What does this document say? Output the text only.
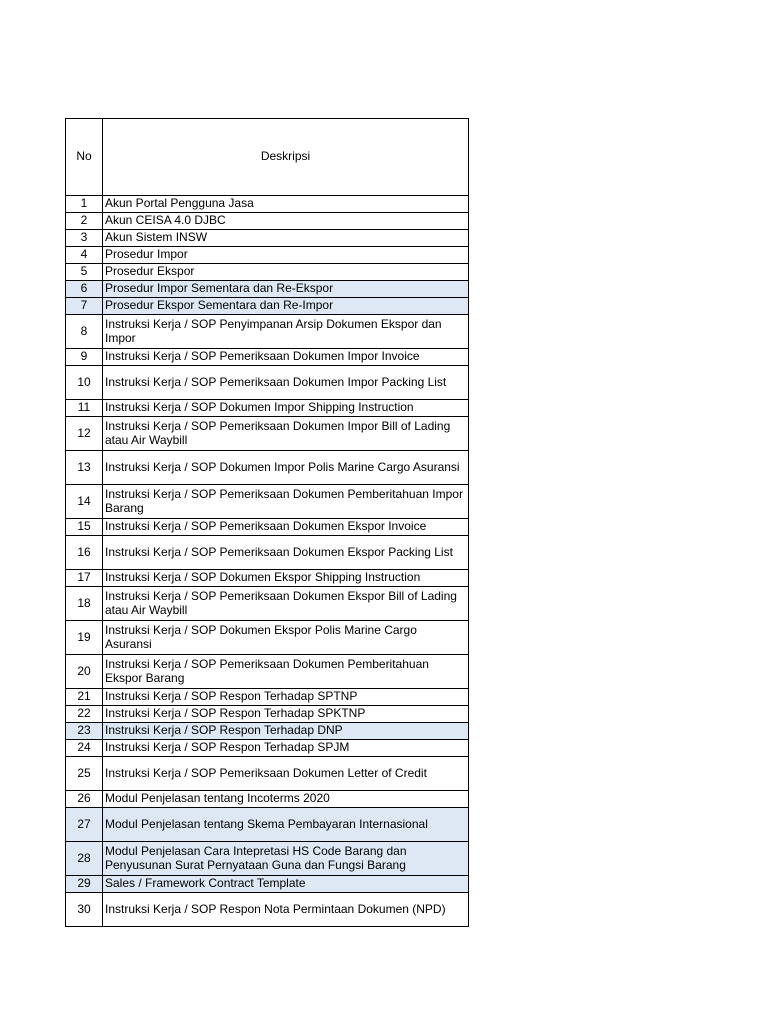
No	Deskripsi
1	Akun Portal Pengguna Jasa
2	Akun CEISA 4.0 DJBC
3	Akun Sistem INSW
4	Prosedur Impor
5	Prosedur Ekspor
6	Prosedur Impor Sementara dan Re-Ekspor
7	Prosedur Ekspor Sementara dan Re-Impor
8	Instruksi Kerja / SOP Penyimpanan Arsip Dokumen Ekspor dan Impor
9	Instruksi Kerja / SOP Pemeriksaan Dokumen Impor Invoice
10	Instruksi Kerja / SOP Pemeriksaan Dokumen Impor Packing List
11	Instruksi Kerja / SOP Dokumen Impor Shipping Instruction
12	Instruksi Kerja / SOP Pemeriksaan Dokumen Impor Bill of Lading atau Air Waybill
13	Instruksi Kerja / SOP Dokumen Impor Polis Marine Cargo Asuransi
14	Instruksi Kerja / SOP Pemeriksaan Dokumen Pemberitahuan Impor Barang
15	Instruksi Kerja / SOP Pemeriksaan Dokumen Ekspor Invoice
16	Instruksi Kerja / SOP Pemeriksaan Dokumen Ekspor Packing List
17	Instruksi Kerja / SOP Dokumen Ekspor Shipping Instruction
18	Instruksi Kerja / SOP Pemeriksaan Dokumen Ekspor Bill of Lading atau Air Waybill
19	Instruksi Kerja / SOP Dokumen Ekspor Polis Marine Cargo Asuransi
20	Instruksi Kerja / SOP Pemeriksaan Dokumen Pemberitahuan Ekspor Barang
21	Instruksi Kerja / SOP Respon Terhadap SPTNP
22	Instruksi Kerja / SOP Respon Terhadap SPKTNP
23	Instruksi Kerja / SOP Respon Terhadap DNP
24	Instruksi Kerja / SOP Respon Terhadap SPJM
25	Instruksi Kerja / SOP Pemeriksaan Dokumen Letter of Credit
26	Modul Penjelasan tentang Incoterms 2020
27	Modul Penjelasan tentang Skema Pembayaran Internasional
28	Modul Penjelasan Cara Intepretasi HS Code Barang dan Penyusunan Surat Pernyataan Guna dan Fungsi Barang
29	Sales / Framework Contract Template
30	Instruksi Kerja / SOP Respon Nota Permintaan Dokumen (NPD)
